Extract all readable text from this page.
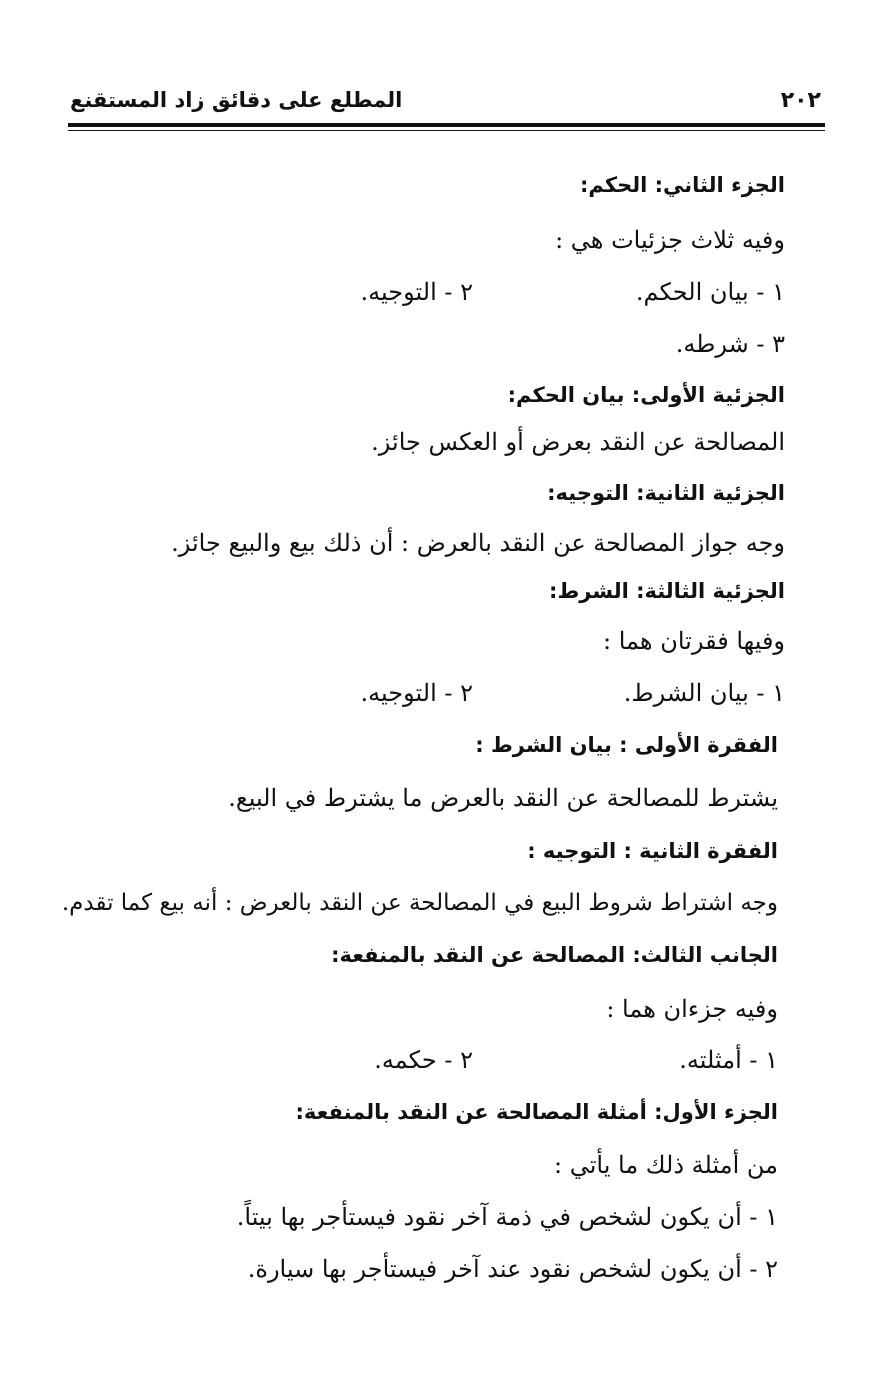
٢٠٢
المطلع على دقائق زاد المستقنع
الجزء الثاني: الحكم:
وفيه ثلاث جزئيات هي :
١ - بيان الحكم.
٢ - التوجيه.
٣ - شرطه.
الجزئية الأولى: بيان الحكم:
المصالحة عن النقد بعرض أو العكس جائز.
الجزئية الثانية: التوجيه:
وجه جواز المصالحة عن النقد بالعرض : أن ذلك بيع والبيع جائز.
الجزئية الثالثة: الشرط:
وفيها فقرتان هما :
١ - بيان الشرط.
٢ - التوجيه.
الفقرة الأولى : بيان الشرط :
يشترط للمصالحة عن النقد بالعرض ما يشترط في البيع.
الفقرة الثانية : التوجيه :
وجه اشتراط شروط البيع في المصالحة عن النقد بالعرض : أنه بيع كما تقدم.
الجانب الثالث: المصالحة عن النقد بالمنفعة:
وفيه جزءان هما :
١ - أمثلته.
٢ - حكمه.
الجزء الأول: أمثلة المصالحة عن النقد بالمنفعة:
من أمثلة ذلك ما يأتي :
١ - أن يكون لشخص في ذمة آخر نقود فيستأجر بها بيتاً.
٢ - أن يكون لشخص نقود عند آخر فيستأجر بها سيارة.
